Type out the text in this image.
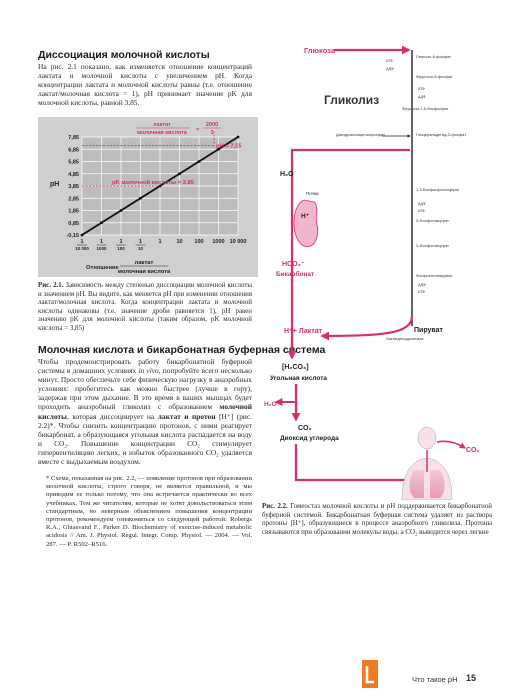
Диссоциация молочной кислоты
На рис. 2.1 показано, как изменяется отношение концентраций лактата и молочной кислоты с увеличением pH. Когда концентрации лактата и молочной кислоты равны (т.е. отношение лактат/молочная кислота = 1), pH принимает значение pK для молочной кислоты, равной 3,85.
7,85
6,85
5,85
4,85
3,85
2,85
1,85
0,85
-0,15
pH
1
10 000
1
1000
1
100
1
10
1	10 100 1000 10 000
Отношение
лактат
молочная кислота
pK молочной кислоты = 3,85
pH = 7,15
лактат
молочная кислота =
2000
1
Рис. 2.1. Зависимость между степенью диссоциации молочной кислоты и значением pH. Вы видите, как меняется pH при изменении отношения лактат/молочная кислота. Когда концентрации лактата и молочной кислоты одинаковы (т.е. значение дроби равняется 1), pH равен значению pK для молочной кислоты (таким образом, pK молочной кислоты = 3,85)
Молочная кислота и бикарбонатная буферная система
Чтобы продемонстрировать работу бикарбонатной буферной системы в домашних условиях in vivo, попробуйте всего несколько минут. Просто обеспечьте себе физическую нагрузку в анаэробных условиях: пробегитесь как можно быстрее (лучше в гору), задержав при этом дыхание. В это время в ваших мышцах будет проходить анаэробный гликолиз с образованием молочной кислоты, которая диссоциирует на лактат и протон [H⁺] (рис. 2.2)*. Чтобы снизить концентрацию протонов, с ними реагирует бикарбонат, а образующаяся угольная кислота распадается на воду и CO₂. Повышение концентрации CO₂ стимулирует гипервентиляцию легких, и избыток образованного CO₂ удаляется вместе с выдыхаемым воздухом.
* Схема, показанная на рис. 2.2, — появление протонов при образовании молочной кислоты, строго говоря, не является правильной, и мы приводим ее только потому, что она встречается практически во всех учебниках. Тем же читателям, которые не хотят довольствоваться этим стандартным, но неверным объяснением повышения концентрации протонов, рекомендуем ознакомиться со следующей работой: Robergs R.A., Ghiasvand F., Parker D. Biochemistry of exercise-induced metabolic acidosis // Am. J. Physiol. Regul. Integr. Comp. Physiol. — 2004. — Vol. 287. — P. R502–R516.
Глюкоза
Глюкозо-6-фосфат
Фруктозо-6-фосфат
Фруктозо-1,6-бисфосфат
Дигидроксиацетонфосфат	Глицеральдегид-3-фосфат
1,3-Бисфосфоглицерат
3-Фосфоглицерат
2-Фосфоглицерат
Фосфоенолпируват
АТФ
АДФ
АТФ
АДФ
АДФ
АТФ
АДФ
АТФ
Гликолиз
H₂O
Почка
H⁺
HCO₃⁻
Бикарбонат
Пируват
Лактатдегидрогеназа
H⁺+ Лактат
[H₂CO₃]
Угольная кислота
H₂O
CO₂
Диоксид углерода
CO₂
Рис. 2.2. Гомеостаз молочной кислоты и pH поддерживается бикарбонатной буферной системой. Бикарбонатная буферная система удаляет из раствора протоны [H⁺], образующиеся в процессе анаэробного гликолиза. Протоны связываются при образовании молекулы воды, а CO₂ выводится через легкие
Что такое pH 15
